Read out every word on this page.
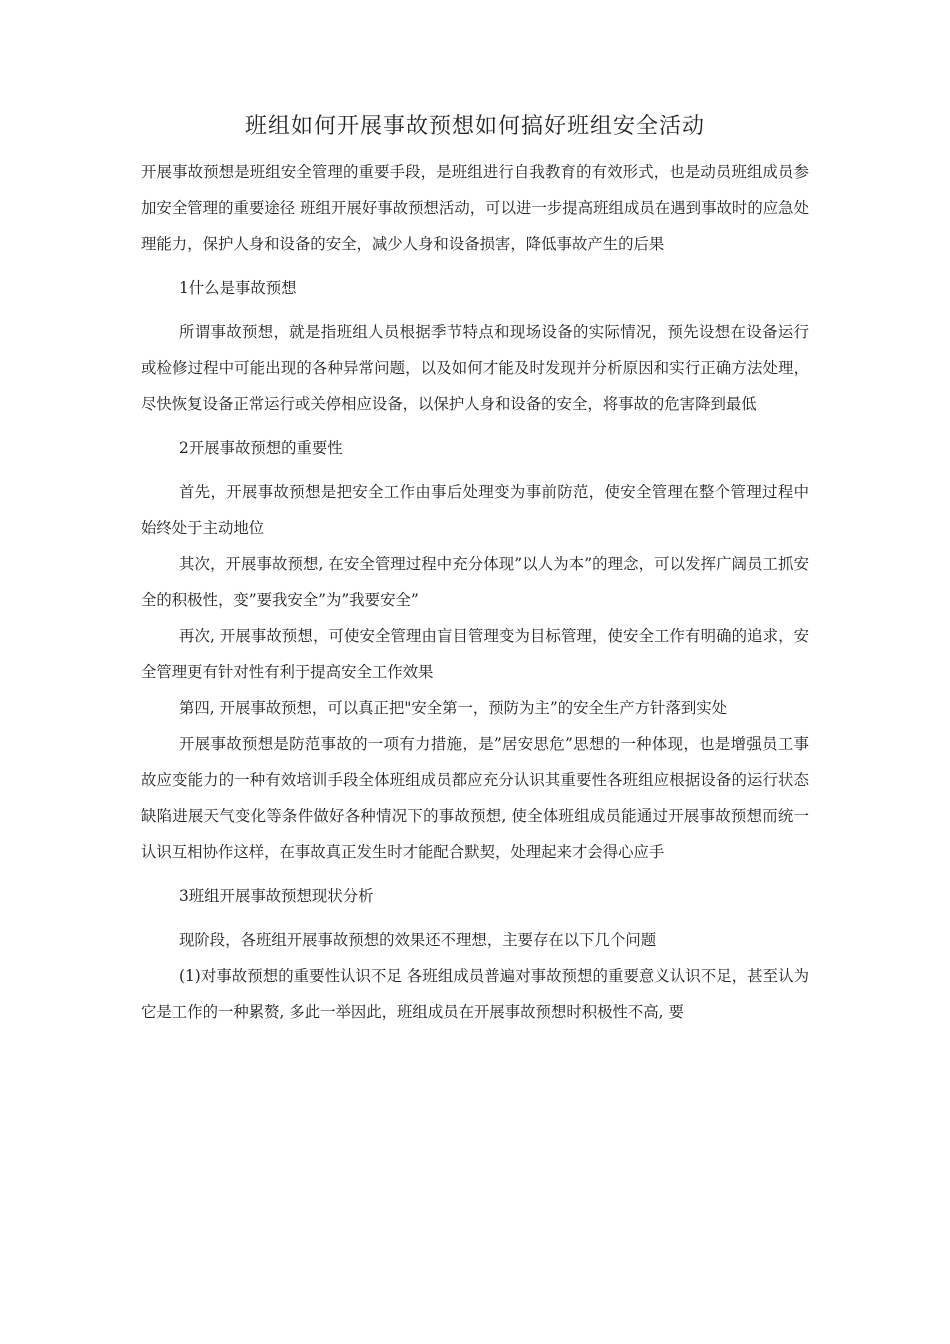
班组如何开展事故预想如何搞好班组安全活动

开展事故预想是班组安全管理的重要手段，是班组进行自我教育的有效形式，也是动员班组成员参加安全管理的重要途径 班组开展好事故预想活动，可以进一步提高班组成员在遇到事故时的应急处理能力，保护人身和设备的安全，减少人身和设备损害，降低事故产生的后果

1什么是事故预想

所谓事故预想，就是指班组人员根据季节特点和现场设备的实际情况，预先设想在设备运行或检修过程中可能出现的各种异常问题，以及如何才能及时发现并分析原因和实行正确方法处理，尽快恢复设备正常运行或关停相应设备，以保护人身和设备的安全，将事故的危害降到最低

2开展事故预想的重要性

首先，开展事故预想是把安全工作由事后处理变为事前防范，使安全管理在整个管理过程中始终处于主动地位

其次，开展事故预想, 在安全管理过程中充分体现”以人为本”的理念，可以发挥广阔员工抓安全的积极性，变”要我安全”为”我要安全”

再次, 开展事故预想，可使安全管理由盲目管理变为目标管理，使安全工作有明确的追求，安全管理更有针对性有利于提高安全工作效果

第四, 开展事故预想，可以真正把"安全第一，预防为主”的安全生产方针落到实处

开展事故预想是防范事故的一项有力措施，是”居安思危”思想的一种体现，也是增强员工事故应变能力的一种有效培训手段全体班组成员都应充分认识其重要性各班组应根据设备的运行状态缺陷进展天气变化等条件做好各种情况下的事故预想, 使全体班组成员能通过开展事故预想而统一认识互相协作这样，在事故真正发生时才能配合默契，处理起来才会得心应手

3班组开展事故预想现状分析

现阶段，各班组开展事故预想的效果还不理想，主要存在以下几个问题

(1)对事故预想的重要性认识不足 各班组成员普遍对事故预想的重要意义认识不足，甚至认为它是工作的一种累赘, 多此一举因此，班组成员在开展事故预想时积极性不高, 要
